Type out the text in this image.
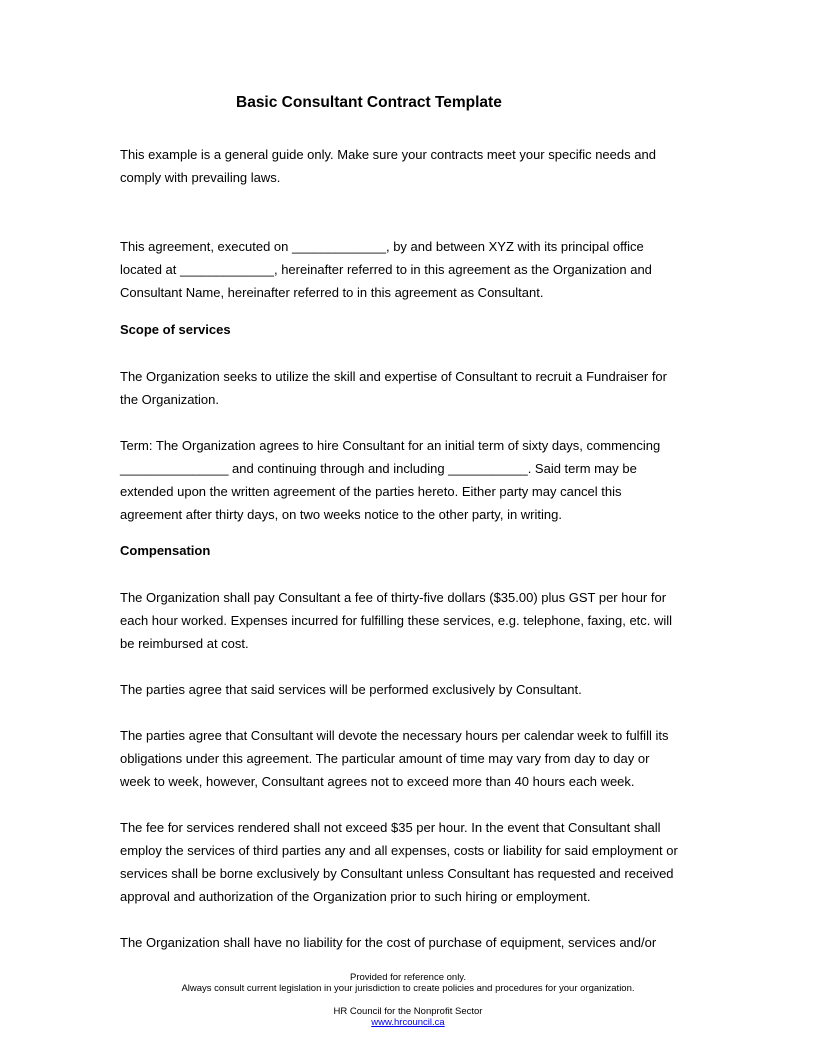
Basic Consultant Contract Template
This example is a general guide only. Make sure your contracts meet your specific needs and
comply with prevailing laws.
This agreement, executed on _____________, by and between XYZ with its principal office
located at _____________, hereinafter referred to in this agreement as the Organization and
Consultant Name, hereinafter referred to in this agreement as Consultant.
Scope of services
The Organization seeks to utilize the skill and expertise of Consultant to recruit a Fundraiser for
the Organization.
Term: The Organization agrees to hire Consultant for an initial term of sixty days, commencing
_______________ and continuing through and including ___________. Said term may be
extended upon the written agreement of the parties hereto. Either party may cancel this
agreement after thirty days, on two weeks notice to the other party, in writing.
Compensation
The Organization shall pay Consultant a fee of thirty-five dollars ($35.00) plus GST per hour for
each hour worked. Expenses incurred for fulfilling these services, e.g. telephone, faxing, etc. will
be reimbursed at cost.
The parties agree that said services will be performed exclusively by Consultant.
The parties agree that Consultant will devote the necessary hours per calendar week to fulfill its
obligations under this agreement. The particular amount of time may vary from day to day or
week to week, however, Consultant agrees not to exceed more than 40 hours each week.
The fee for services rendered shall not exceed $35 per hour. In the event that Consultant shall
employ the services of third parties any and all expenses, costs or liability for said employment or
services shall be borne exclusively by Consultant unless Consultant has requested and received
approval and authorization of the Organization prior to such hiring or employment.
The Organization shall have no liability for the cost of purchase of equipment, services and/or
Provided for reference only.
Always consult current legislation in your jurisdiction to create policies and procedures for your organization.
HR Council for the Nonprofit Sector
www.hrcouncil.ca
